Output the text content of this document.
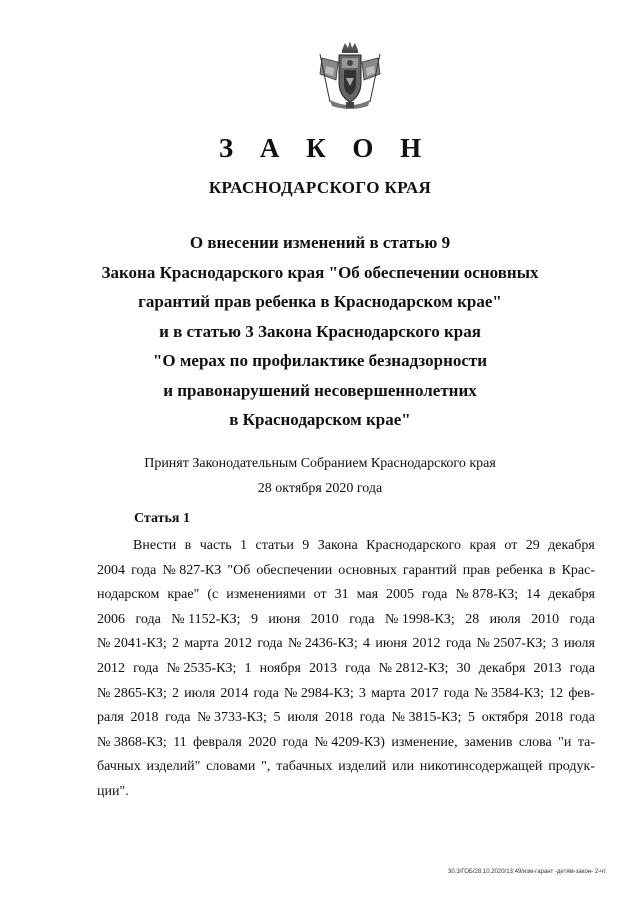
З А К О Н
КРАСНОДАРСКОГО КРАЯ
О внесении изменений в статью 9
Закона Краснодарского края "Об обеспечении основных
гарантий прав ребенка в Краснодарском крае"
и в статью 3 Закона Краснодарского края
"О мерах по профилактике безнадзорности
и правонарушений несовершеннолетних
в Краснодарском крае"
Принят Законодательным Собранием Краснодарского края
28 октября 2020 года
Статья 1
Внести в часть 1 статьи 9 Закона Краснодарского края от 29 декабря
2004 года № 827-КЗ "Об обеспечении основных гарантий прав ребенка в Крас-
нодарском крае" (с изменениями от 31 мая 2005 года № 878-КЗ; 14 декабря
2006 года № 1152-КЗ; 9 июня 2010 года № 1998-КЗ; 28 июля 2010 года
№ 2041-КЗ; 2 марта 2012 года № 2436-КЗ; 4 июня 2012 года № 2507-КЗ; 3 июля
2012 года № 2535-КЗ; 1 ноября 2013 года № 2812-КЗ; 30 декабря 2013 года
№ 2865-КЗ; 2 июля 2014 года № 2984-КЗ; 3 марта 2017 года № 3584-КЗ; 12 фев-
раля 2018 года № 3733-КЗ; 5 июля 2018 года № 3815-КЗ; 5 октября 2018 года
№ 3868-КЗ; 11 февраля 2020 года № 4209-КЗ) изменение, заменив слова "и та-
бачных изделий" словами ", табачных изделий или никотинсодержащей продук-
ции".
30.3/ГОБ/28.10.2020/13:49/изм-гарант -детям-закон- 2-чт
